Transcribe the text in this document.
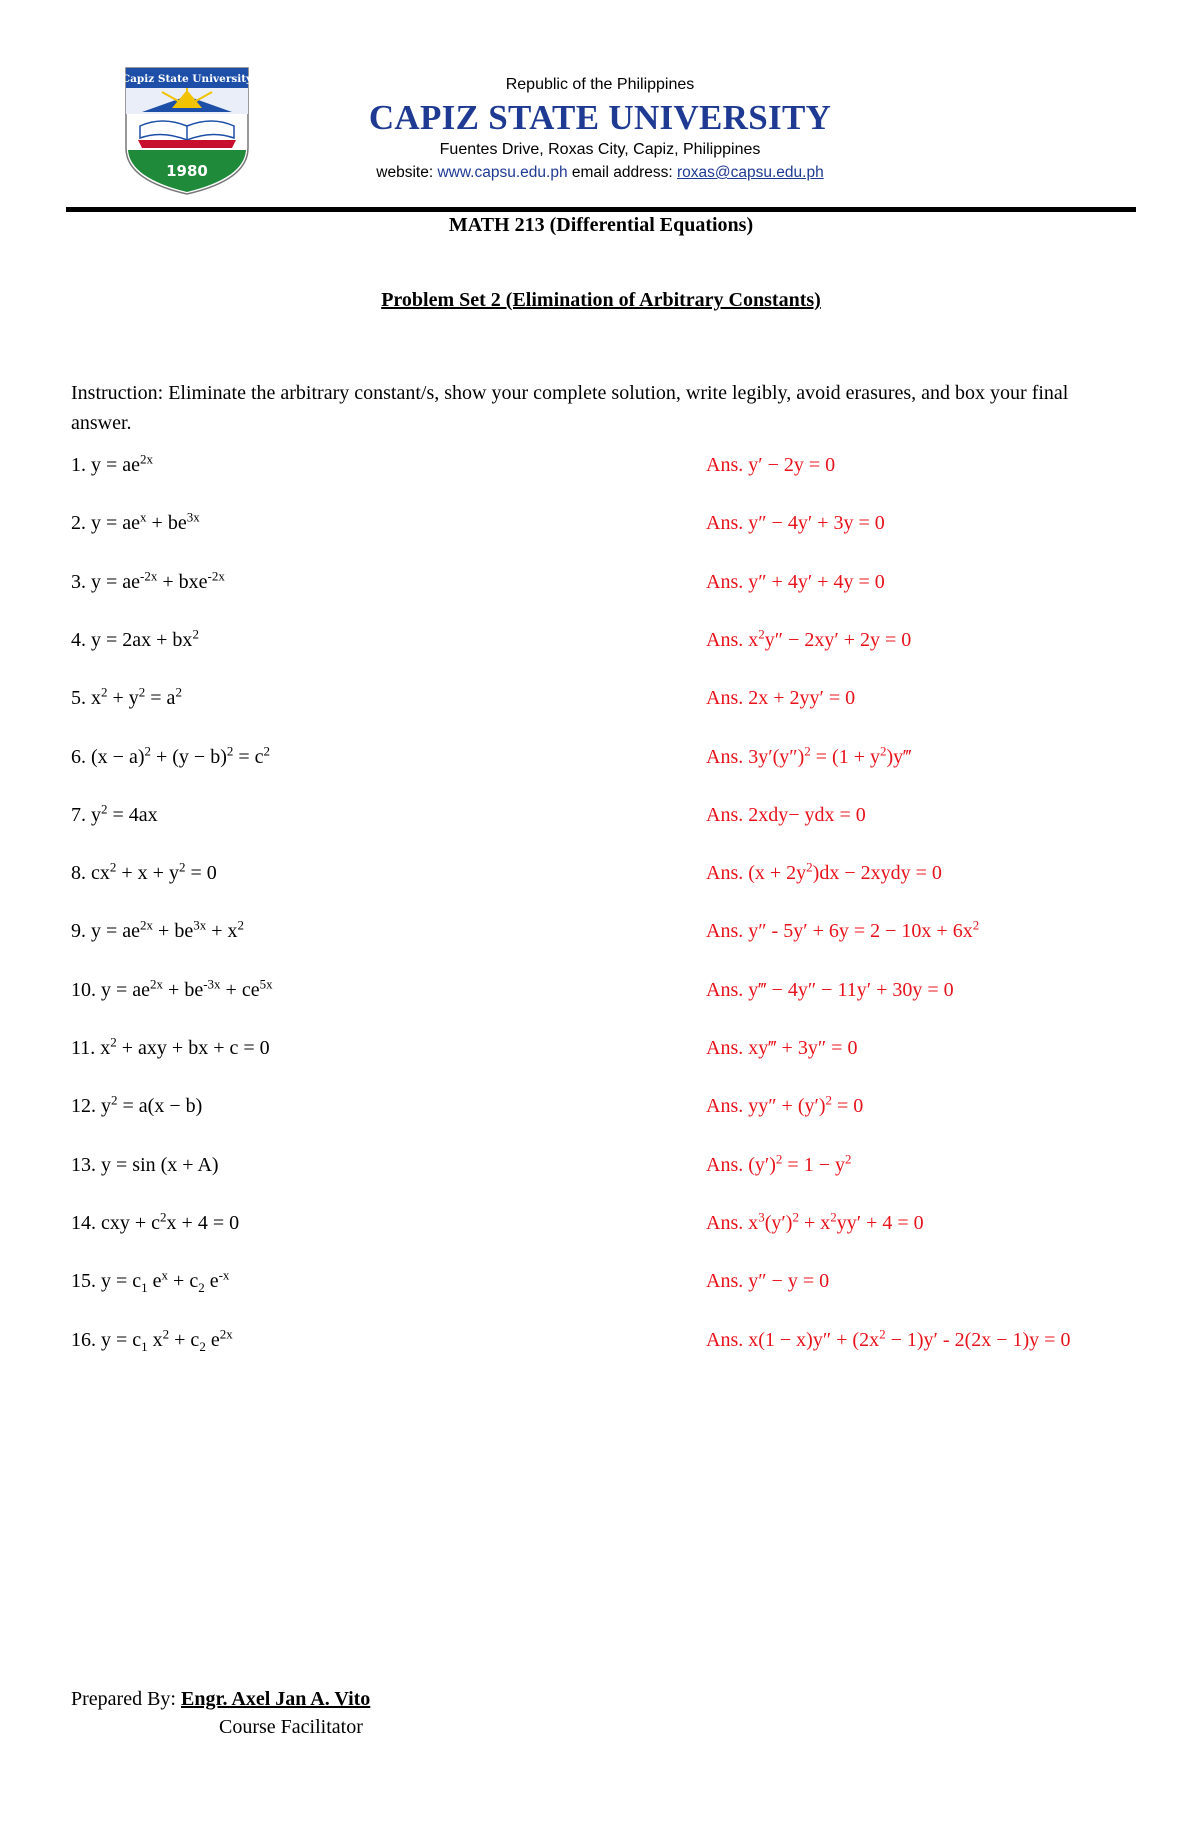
Capiz State University
1980
Republic of the Philippines
CAPIZ STATE UNIVERSITY
Fuentes Drive, Roxas City, Capiz, Philippines
website: www.capsu.edu.ph email address: roxas@capsu.edu.ph
MATH 213 (Differential Equations)
Problem Set 2 (Elimination of Arbitrary Constants)
Instruction: Eliminate the arbitrary constant/s, show your complete solution, write legibly, avoid erasures, and box your final answer.
1. $y = ae^{2x}$	Ans. y′ − 2y = 0
2. $y = ae^x + be^{3x}$	Ans. y″ − 4y′ + 3y = 0
3. $y = ae^{-2x} + bxe^{-2x}$	Ans. y″ + 4y′ + 4y = 0
4. $y = 2ax + bx^2$	Ans. $x^2y'' - 2xy' + 2y = 0$
5. $x^2 + y^2 = a^2$	Ans. 2x + 2yy′ = 0
6. $(x - a)^2 + (y - b)^2 = c^2$	Ans. $3y'(y'')^2 = (1$ + $y^2)y‴$
7. $y^2 = 4ax$	Ans. 2xdy− ydx = 0
8. $cx^2 + x + y^2 = 0$	Ans. $(x + 2y^2)dx$ − 2xydy = 0
9. $y = ae^{2x} + be^{3x} + x^2$	Ans. $y'' - 5y' + 6y = 2 - 10x + 6x^2$
10. $y = ae^{2x} + be^{-3x} + ce^{5x}$	Ans. y‴ − 4y″ − 11y′ + 30y = 0
11. $x^2$ + axy + bx + c = 0	Ans. xy‴ + 3y″ = 0
12. $y^2 = a(x - b)$	Ans. $yy'' + (y')^2 = 0$
13. y = sin (x + A)	Ans. $(y')^2 = 1 - y^2$
14. cxy + $c^2x + 4 = 0$	Ans. $x^3(y')^2 + x^2yy' + 4 = 0$
15. $y = c_1$ $e^x + c_2$ $e^{-x}$	Ans. y″ − y = 0
16. $y = c_1$ $x^2 + c_2$ $e^{2x}$	Ans. $x(1 - x)y'' + (2x^2 - 1)y' - 2(2x - 1)y = 0$
Prepared By: Engr. Axel Jan A. Vito
Course Facilitator
